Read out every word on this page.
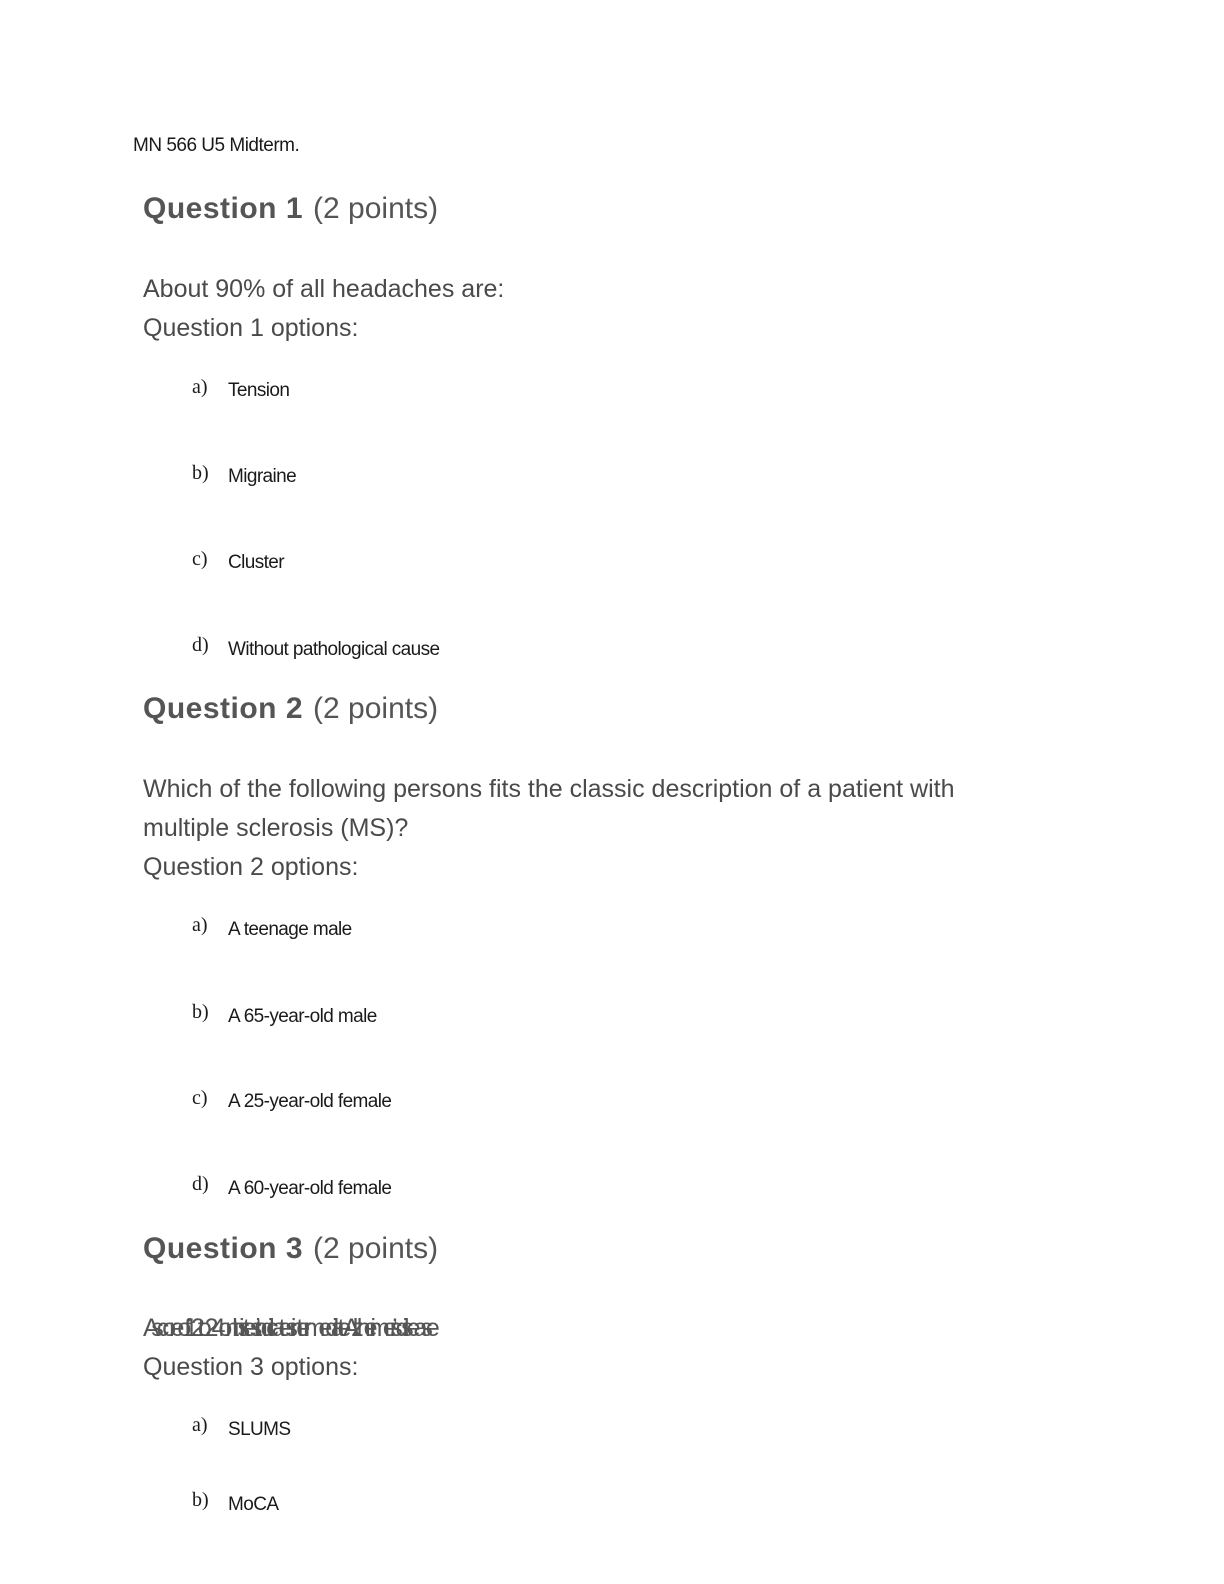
MN 566 U5 Midterm.
Question 1 (2 points)
About 90% of all headaches are:
Question 1 options:
a) Tension
b) Migraine
c) Cluster
d) Without pathological cause
Question 2 (2 points)
Which of the following persons fits the classic description of a patient with multiple sclerosis (MS)?
Question 2 options:
a) A teenage male
b) A 65-year-old male
c) A 25-year-old female
d) A 60-year-old female
Question 3 (2 points)
A score of 12 to 24 on this test indicates intermediate Alzheimer’s disease
Question 3 options:
a) SLUMS
b) MoCA
